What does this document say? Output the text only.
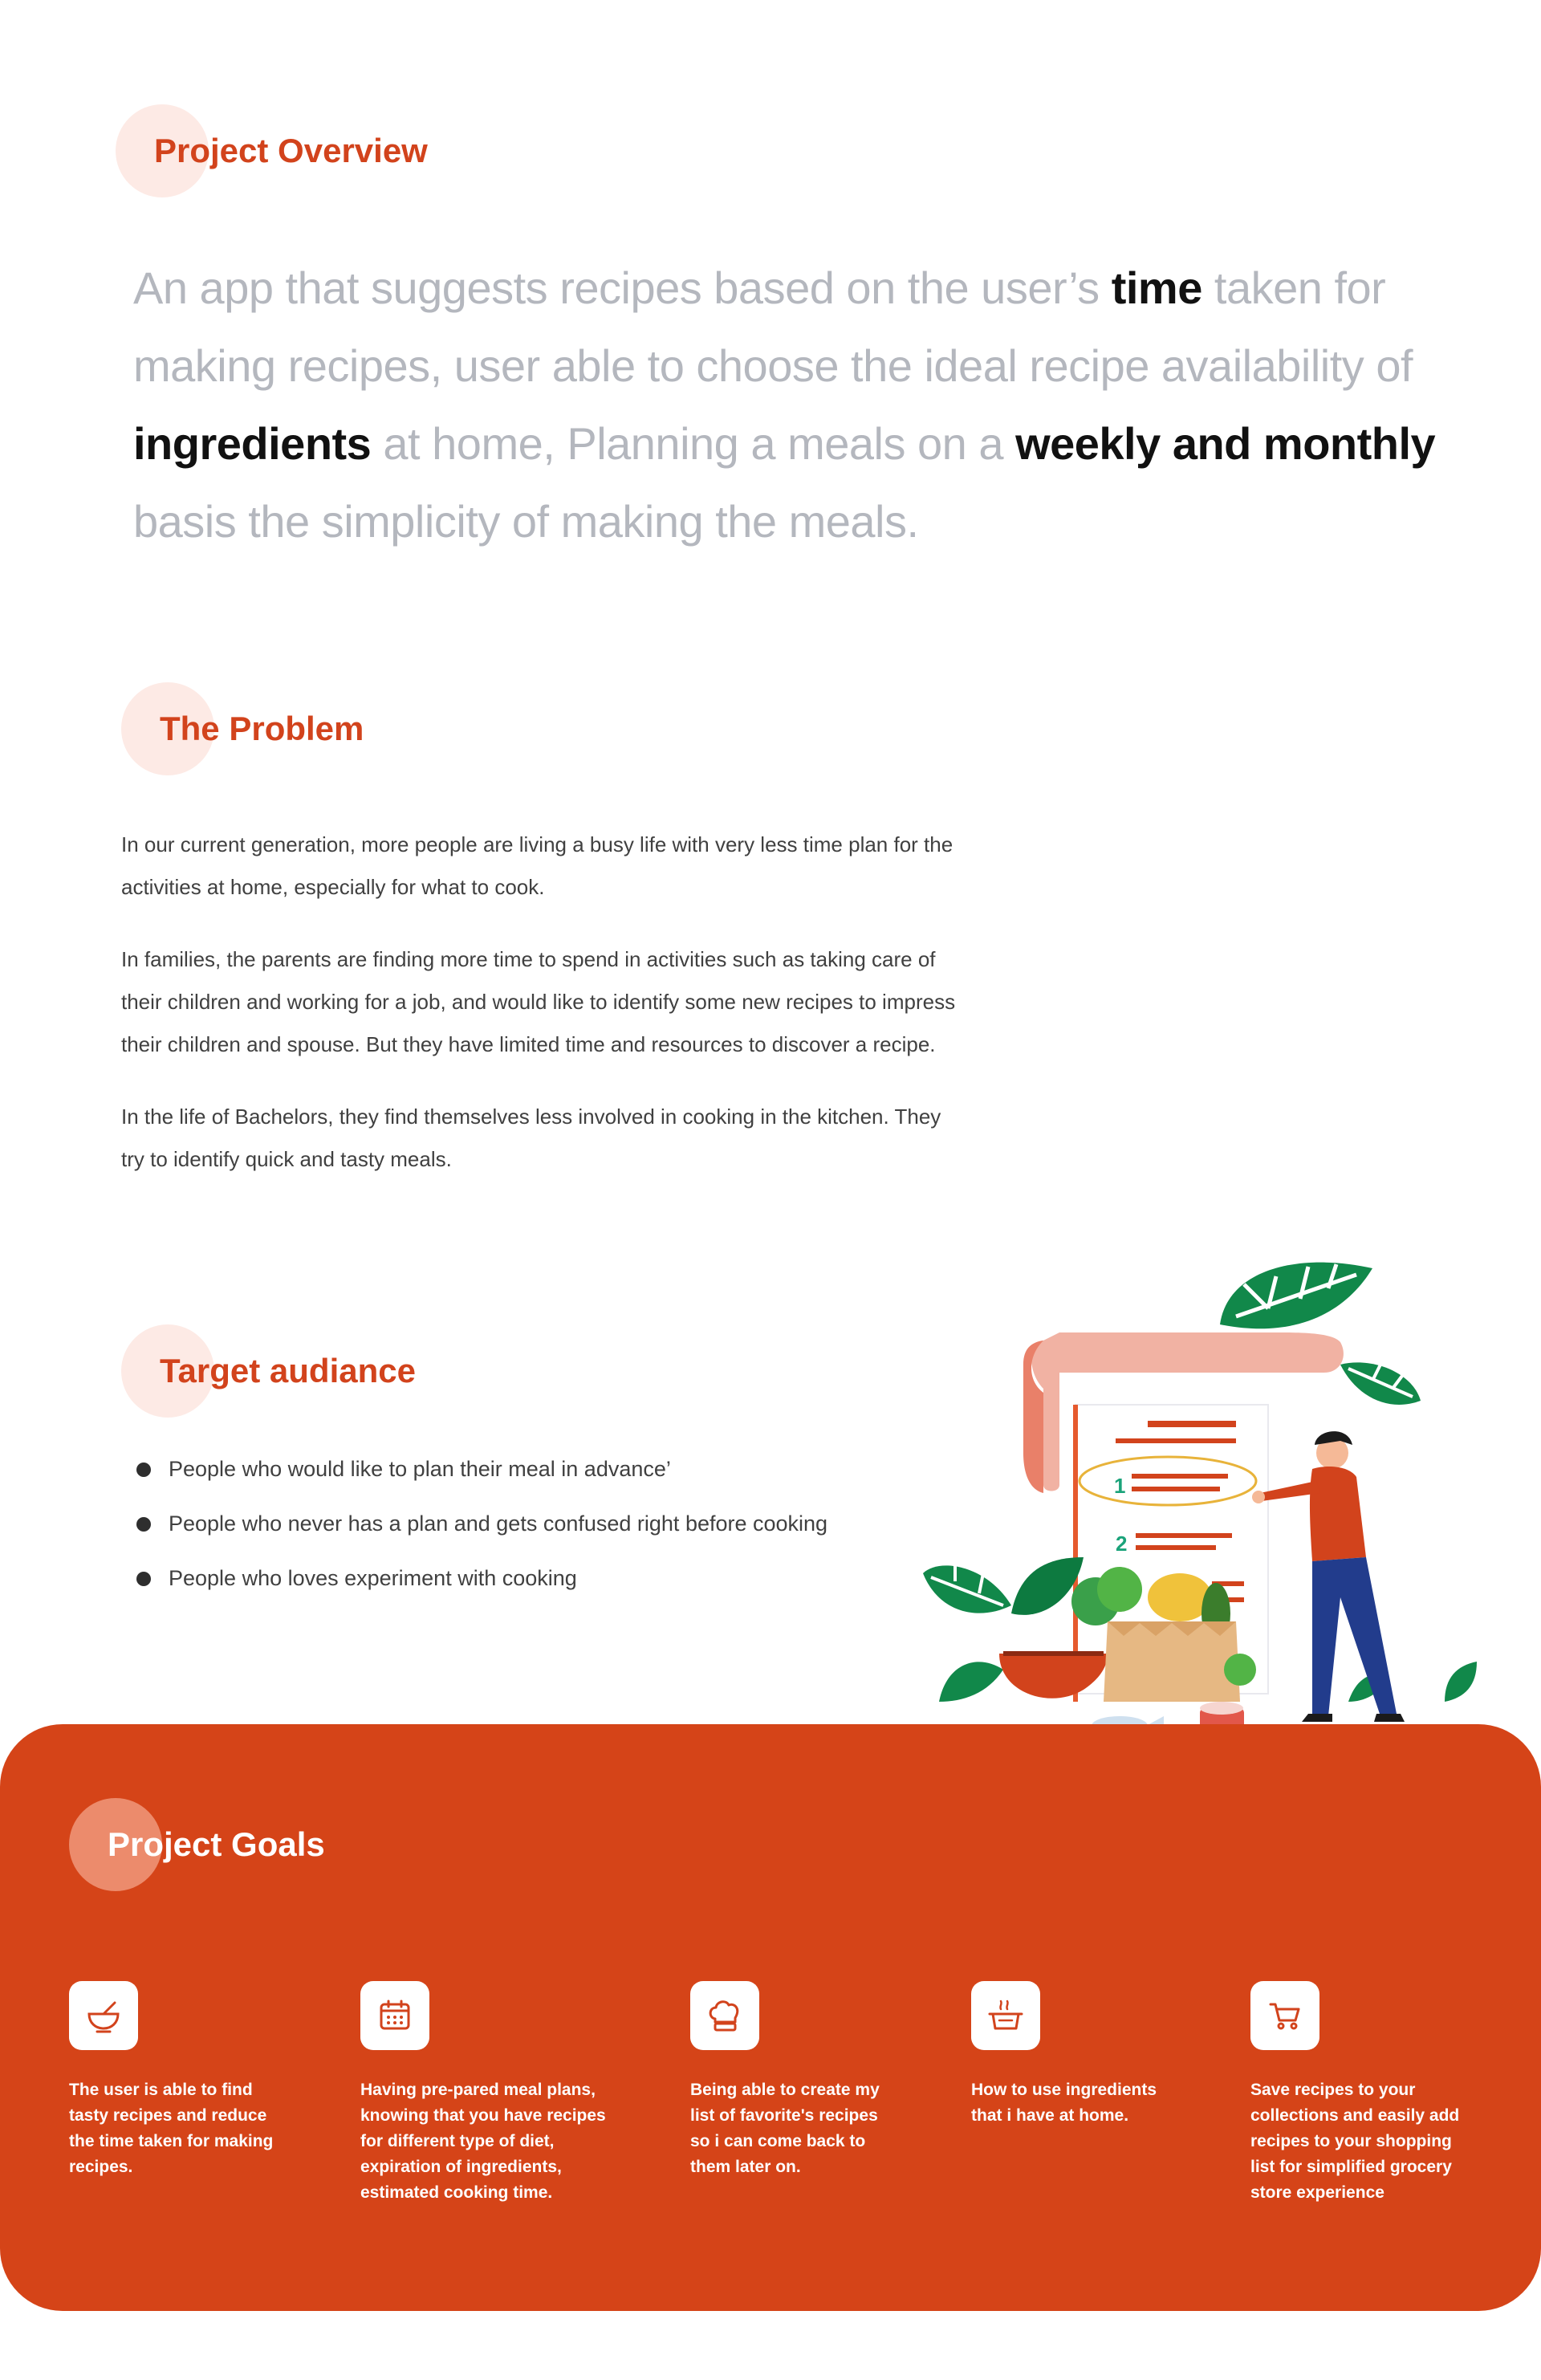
Project Overview
An app that suggests recipes based on the user’s time taken for making recipes, user able to choose the ideal recipe availability of ingredients at home, Planning a meals on a weekly and monthly basis the simplicity of making the meals.
The Problem

In our current generation, more people are living a busy life with very less time plan for the activities at home, especially for what to cook.

In families, the parents are finding more time to spend in activities such as taking care of their children and working for a job, and would like to identify some new recipes to impress their children and spouse. But they have limited time and resources to discover a recipe.

In the life of Bachelors, they find themselves less involved in cooking in the kitchen. They try to identify quick and tasty meals.

Target audiance
People who would like to plan their meal in advance’
People who never has a plan and gets confused right before cooking
People who loves experiment with cooking
1
2
Project Goals
The user is able to find tasty recipes and reduce the time taken for making recipes.
Having pre-pared meal plans, knowing that you have recipes for different type of diet, expiration of ingredients, estimated cooking time.
Being able to create my list of favorite's recipes so i can come back to them later on.
How to use ingredients that i have at home.
Save recipes to your collections and easily add recipes to your shopping list for simplified grocery store experience
